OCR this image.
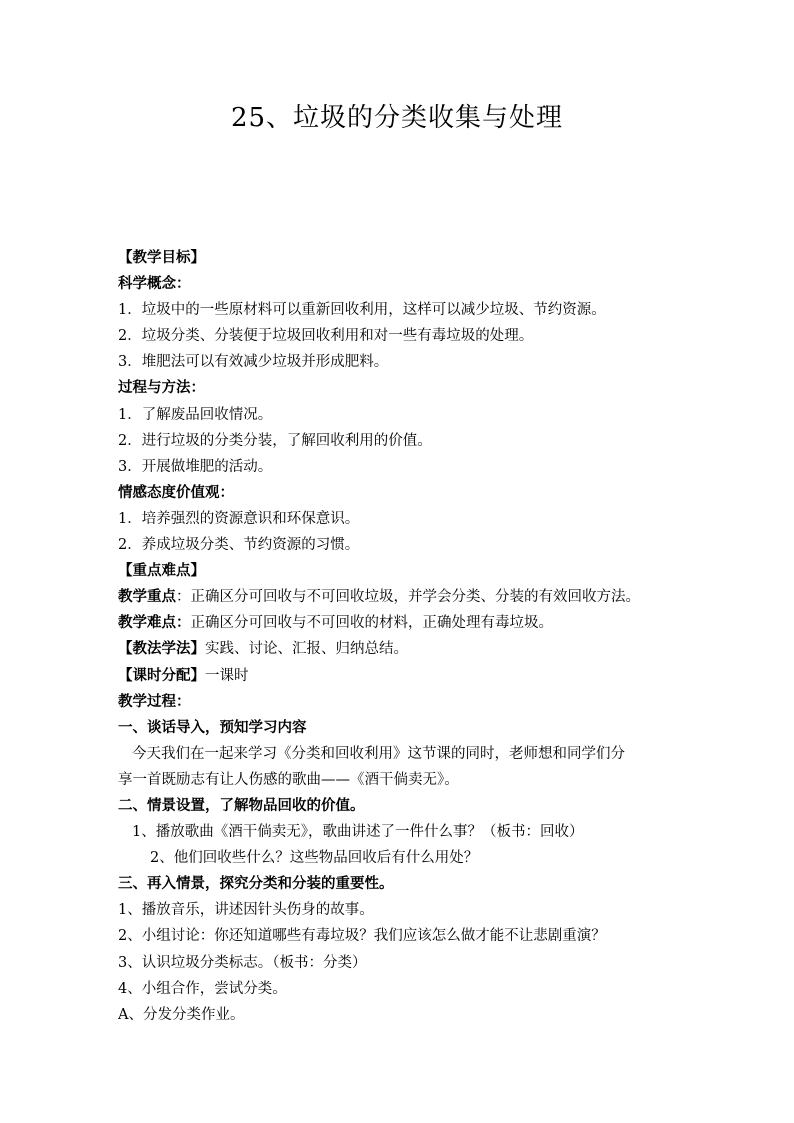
25、垃圾的分类收集与处理
【教学目标】
科学概念：
1．垃圾中的一些原材料可以重新回收利用，这样可以减少垃圾、节约资源。
2．垃圾分类、分装便于垃圾回收利用和对一些有毒垃圾的处理。
3．堆肥法可以有效减少垃圾并形成肥料。
过程与方法：
1．了解废品回收情况。
2．进行垃圾的分类分装，了解回收利用的价值。
3．开展做堆肥的活动。
情感态度价值观：
1．培养强烈的资源意识和环保意识。
2．养成垃圾分类、节约资源的习惯。
【重点难点】
教学重点：正确区分可回收与不可回收垃圾，并学会分类、分装的有效回收方法。
教学难点：正确区分可回收与不可回收的材料，正确处理有毒垃圾。
【教法学法】实践、讨论、汇报、归纳总结。
【课时分配】一课时
教学过程：
一、谈话导入，预知学习内容
今天我们在一起来学习《分类和回收利用》这节课的同时，老师想和同学们分
享一首既励志有让人伤感的歌曲——《酒干倘卖无》。
二、情景设置，了解物品回收的价值。
1、播放歌曲《酒干倘卖无》，歌曲讲述了一件什么事？（板书：回收）
2、他们回收些什么？这些物品回收后有什么用处？
三、再入情景，探究分类和分装的重要性。
1、播放音乐，讲述因针头伤身的故事。
2、小组讨论：你还知道哪些有毒垃圾？我们应该怎么做才能不让悲剧重演？
3、认识垃圾分类标志。（板书：分类）
4、小组合作，尝试分类。
A、分发分类作业。
